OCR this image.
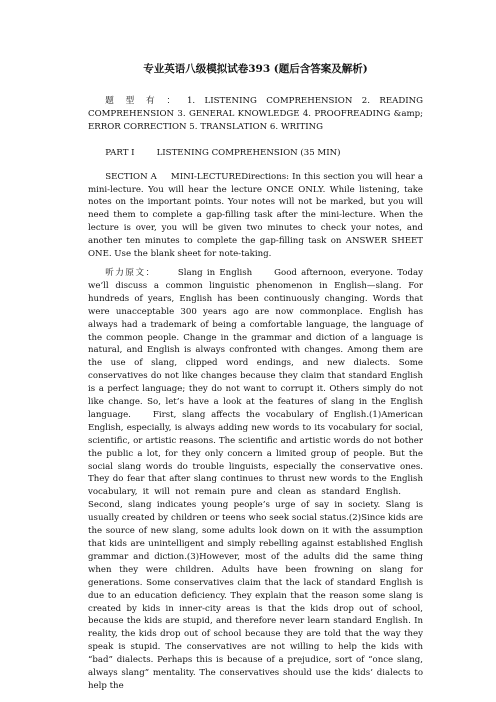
专业英语八级模拟试卷393 (题后含答案及解析)

题型有：1. LISTENING COMPREHENSION 2. READING COMPREHENSION 3. GENERAL KNOWLEDGE 4. PROOFREADING &amp; ERROR CORRECTION 5. TRANSLATION 6. WRITING

PART I	LISTENING COMPREHENSION (35 MIN)

SECTION A MINI-LECTUREDirections: In this section you will hear a mini-lecture. You will hear the lecture ONCE ONLY. While listening, take notes on the important points. Your notes will not be marked, but you will need them to complete a gap-filling task after the mini-lecture. When the lecture is over, you will be given two minutes to check your notes, and another ten minutes to complete the gap-filling task on ANSWER SHEET ONE. Use the blank sheet for note-taking.

听力原文：	Slang in English	Good afternoon, everyone. Today we’ll discuss a common linguistic phenomenon in English—slang. For hundreds of years, English has been continuously changing. Words that were unacceptable 300 years ago are now commonplace. English has always had a trademark of being a comfortable language, the language of the common people. Change in the grammar and diction of a language is natural, and English is always confronted with changes. Among them are the use of slang, clipped word endings, and new dialects. Some conservatives do not like changes because they claim that standard English is a perfect language; they do not want to corrupt it. Others simply do not like change. So, let’s have a look at the features of slang in the English language.	First, slang affects the vocabulary of English.(1)American English, especially, is always adding new words to its vocabulary for social, scientific, or artistic reasons. The scientific and artistic words do not bother the public a lot, for they only concern a limited group of people. But the social slang words do trouble linguists, especially the conservative ones. They do fear that after slang continues to thrust new words to the English vocabulary, it will not remain pure and clean as standard English.Second, slang indicates young people’s urge of say in society. Slang is usually created by children or teens who seek social status.(2)Since kids are the source of new slang, some adults look down on it with the assumption that kids are unintelligent and simply rebelling against established English grammar and diction.(3)However, most of the adults did the same thing when they were children. Adults have been frowning on slang for generations. Some conservatives claim that the lack of standard English is due to an education deficiency. They explain that the reason some slang is created by kids in inner-city areas is that the kids drop out of school, because the kids are stupid, and therefore never learn standard English. In reality, the kids drop out of school because they are told that the way they speak is stupid. The conservatives are not willing to help the kids with “bad” dialects. Perhaps this is because of a prejudice, sort of “once slang, always slang” mentality. The conservatives should use the kids’ dialects to help the
